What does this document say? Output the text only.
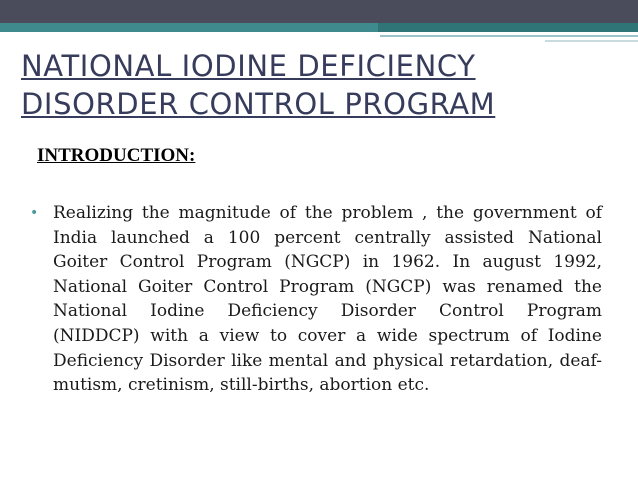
NATIONAL IODINE DEFICIENCY
DISORDER CONTROL PROGRAM
INTRODUCTION:
• Realizing the magnitude of the problem , the government of India launched a 100 percent centrally assisted National Goiter Control Program (NGCP) in 1962. In august 1992, National Goiter Control Program (NGCP) was renamed the National Iodine Deficiency Disorder Control Program (NIDDCP) with a view to cover a wide spectrum of Iodine Deficiency Disorder like mental and physical retardation, deaf-mutism, cretinism, still-births, abortion etc.
